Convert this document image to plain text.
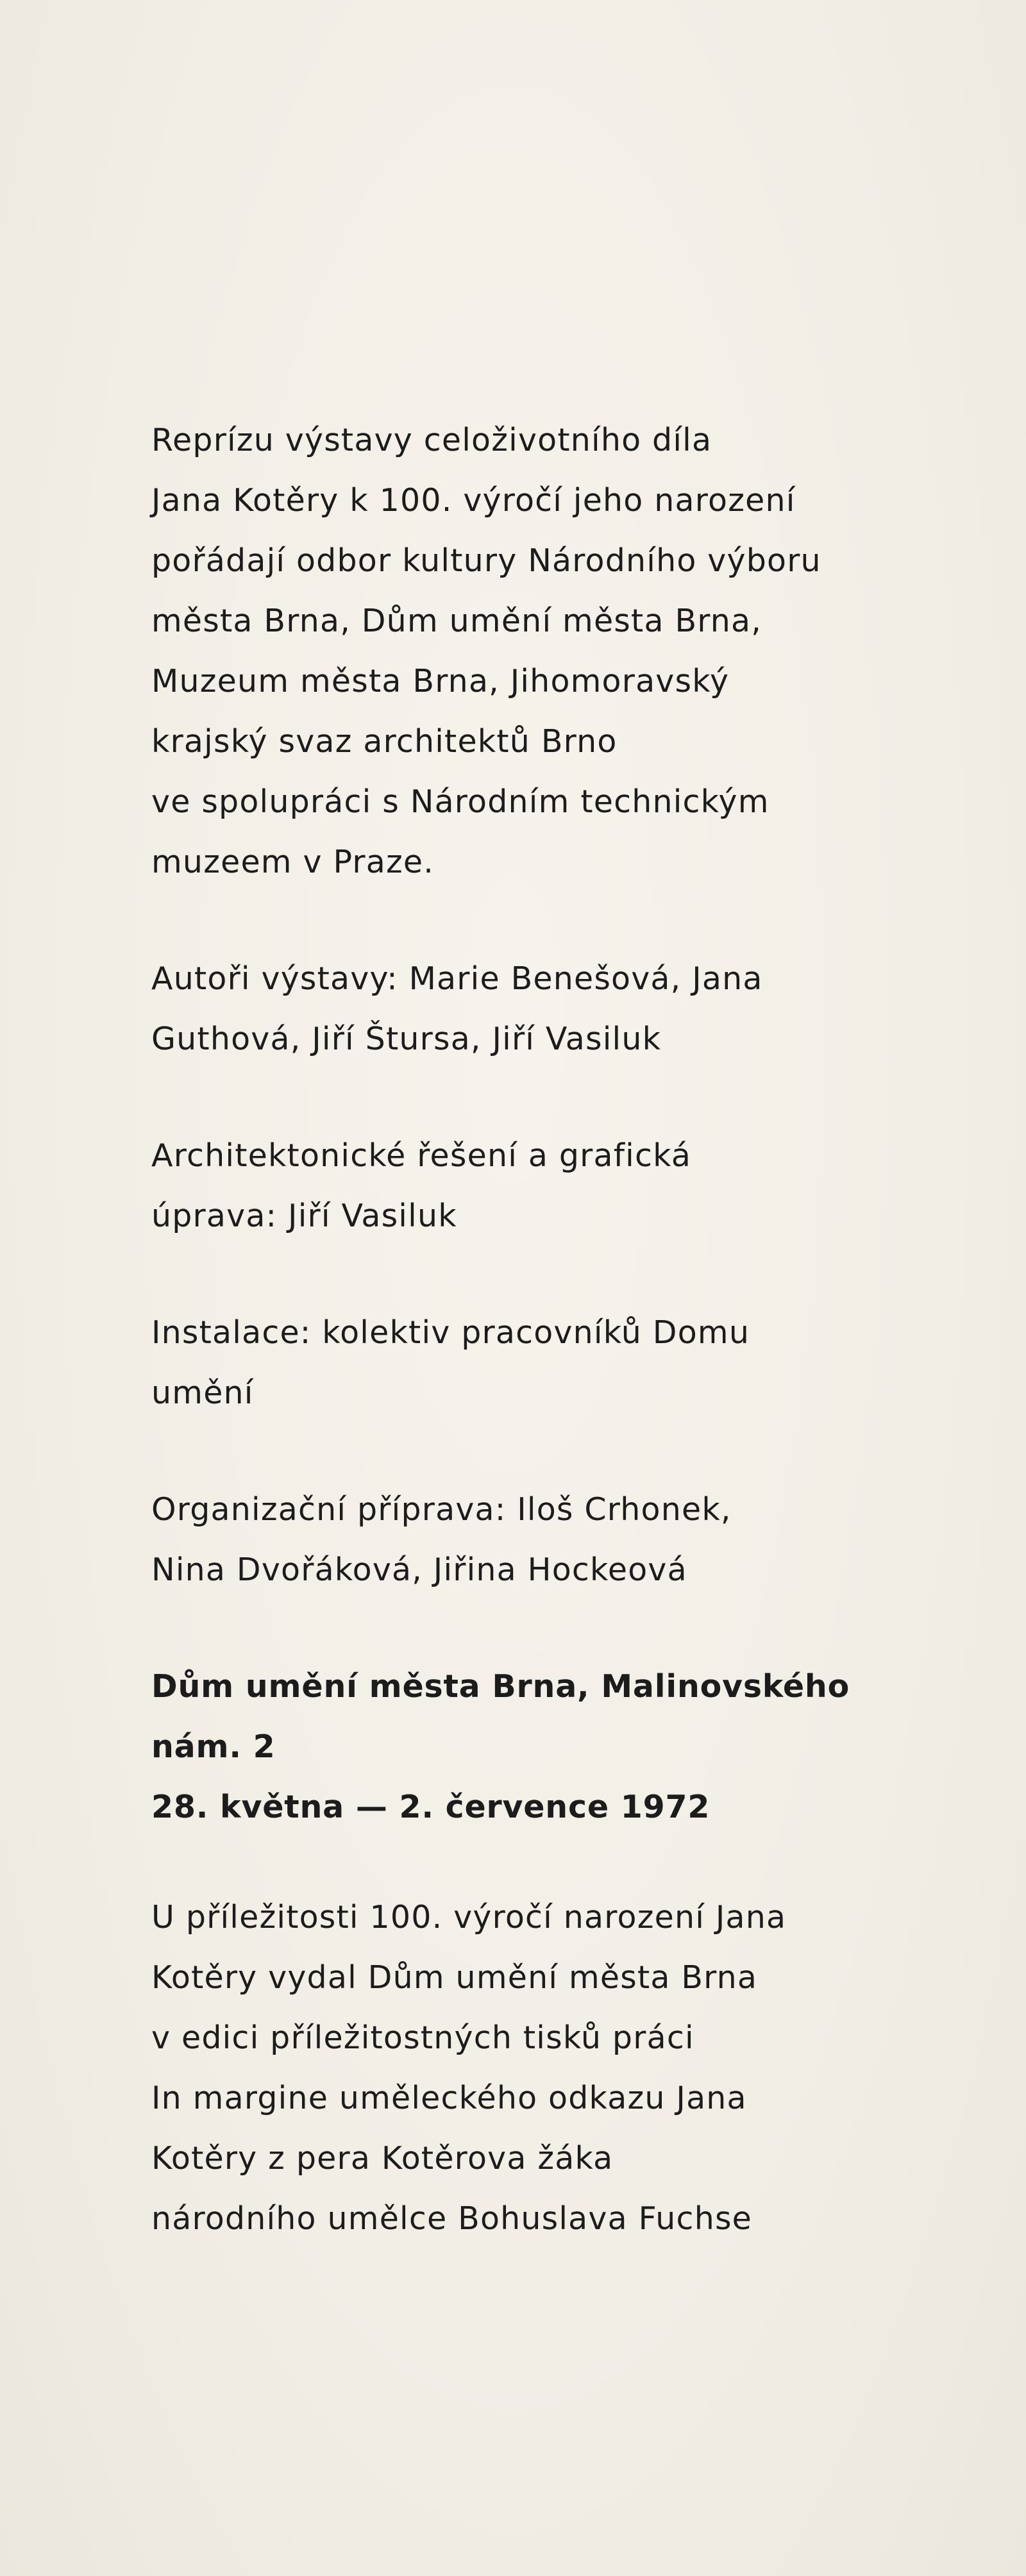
Reprízu výstavy celoživotního díla
Jana Kotěry k 100. výročí jeho narození
pořádají odbor kultury Národního výboru
města Brna, Dům umění města Brna,
Muzeum města Brna, Jihomoravský
krajský svaz architektů Brno
ve spolupráci s Národním technickým
muzeem v Praze.
Autoři výstavy: Marie Benešová, Jana
Guthová, Jiří Štursa, Jiří Vasiluk
Architektonické řešení a grafická
úprava: Jiří Vasiluk
Instalace: kolektiv pracovníků Domu
umění
Organizační příprava: Iloš Crhonek,
Nina Dvořáková, Jiřina Hockeová
Dům umění města Brna, Malinovského
nám. 2
28. května — 2. července 1972
U příležitosti 100. výročí narození Jana
Kotěry vydal Dům umění města Brna
v edici příležitostných tisků práci
In margine uměleckého odkazu Jana
Kotěry z pera Kotěrova žáka
národního umělce Bohuslava Fuchse
